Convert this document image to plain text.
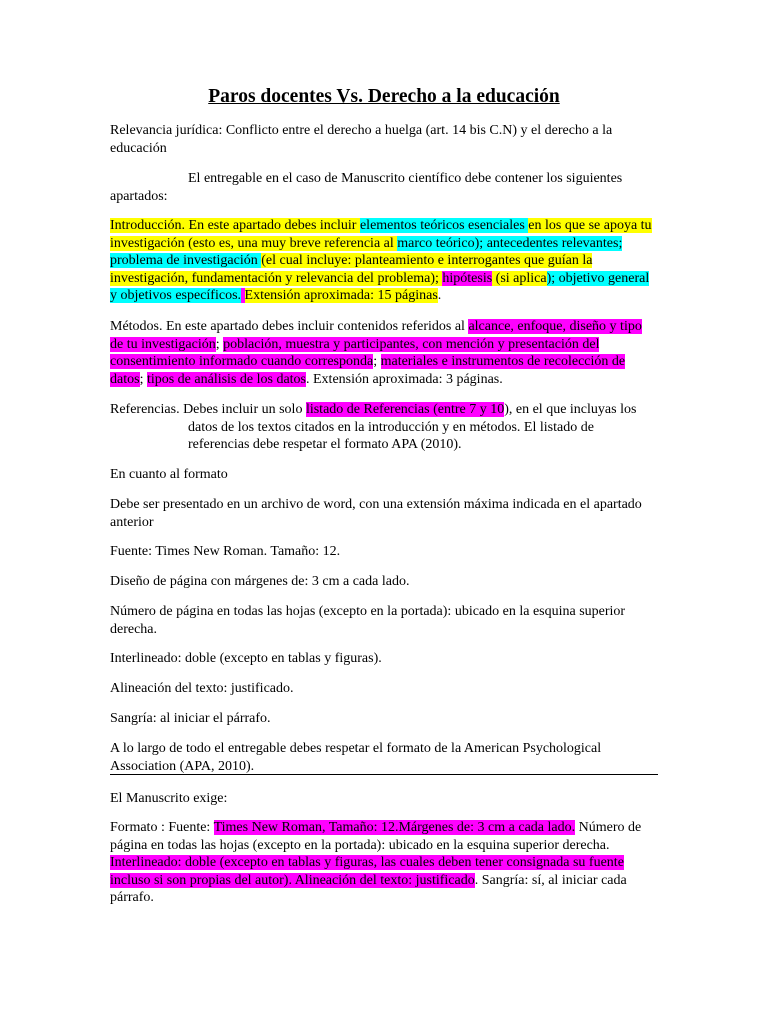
Paros docentes Vs. Derecho a la educación
Relevancia jurídica: Conflicto entre el derecho a huelga (art. 14 bis C.N) y el derecho a la educación
El entregable en el caso de Manuscrito científico debe contener los siguientes apartados:
Introducción. En este apartado debes incluir elementos teóricos esenciales en los que se apoya tu investigación (esto es, una muy breve referencia al marco teórico); antecedentes relevantes; problema de investigación (el cual incluye: planteamiento e interrogantes que guían la investigación, fundamentación y relevancia del problema); hipótesis (si aplica); objetivo general y objetivos específicos. Extensión aproximada: 15 páginas.
Métodos. En este apartado debes incluir contenidos referidos al alcance, enfoque, diseño y tipo de tu investigación; población, muestra y participantes, con mención y presentación del consentimiento informado cuando corresponda; materiales e instrumentos de recolección de datos; tipos de análisis de los datos. Extensión aproximada: 3 páginas.
Referencias. Debes incluir un solo listado de Referencias (entre 7 y 10), en el que incluyas los datos de los textos citados en la introducción y en métodos. El listado de referencias debe respetar el formato APA (2010).
En cuanto al formato
Debe ser presentado en un archivo de word, con una extensión máxima indicada en el apartado anterior
Fuente: Times New Roman. Tamaño: 12.
Diseño de página con márgenes de: 3 cm a cada lado.
Número de página en todas las hojas (excepto en la portada): ubicado en la esquina superior derecha.
Interlineado: doble (excepto en tablas y figuras).
Alineación del texto: justificado.
Sangría: al iniciar el párrafo.
A lo largo de todo el entregable debes respetar el formato de la American Psychological Association (APA, 2010).
El Manuscrito exige:
Formato : Fuente: Times New Roman, Tamaño: 12.Márgenes de: 3 cm a cada lado. Número de página en todas las hojas (excepto en la portada): ubicado en la esquina superior derecha. Interlineado: doble (excepto en tablas y figuras, las cuales deben tener consignada su fuente incluso si son propias del autor). Alineación del texto: justificado. Sangría: sí, al iniciar cada párrafo.
